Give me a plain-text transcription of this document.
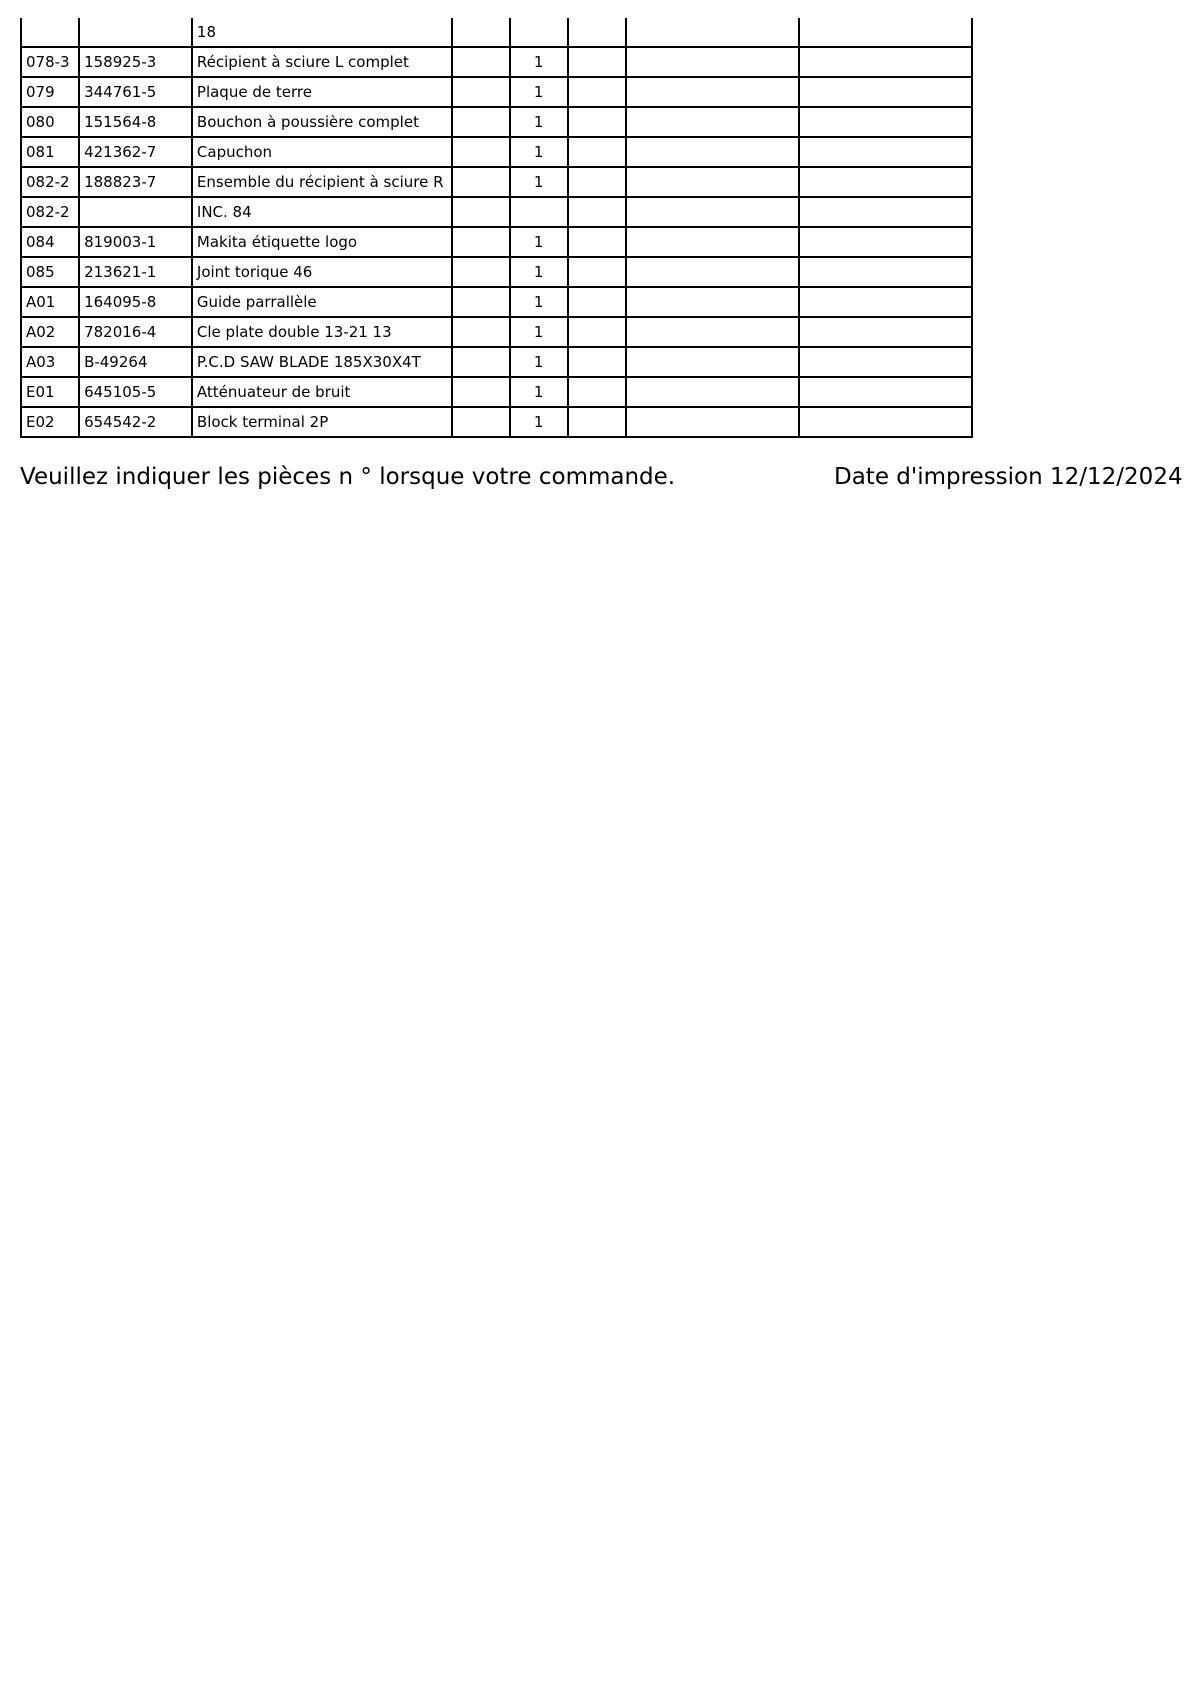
		18					
078-3	158925-3	Récipient à sciure L complet		1			
079	344761-5	Plaque de terre		1			
080	151564-8	Bouchon à poussière complet		1			
081	421362-7	Capuchon		1			
082-2	188823-7	Ensemble du récipient à sciure R		1			
082-2		INC. 84					
084	819003-1	Makita étiquette logo		1			
085	213621-1	Joint torique 46		1			
A01	164095-8	Guide parrallèle		1			
A02	782016-4	Cle plate double 13-21 13		1			
A03	B-49264	P.C.D SAW BLADE 185X30X4T		1			
E01	645105-5	Atténuateur de bruit		1			
E02	654542-2	Block terminal 2P		1			
Veuillez indiquer les pièces n ° lorsque votre commande.	Date d'impression 12/12/2024
